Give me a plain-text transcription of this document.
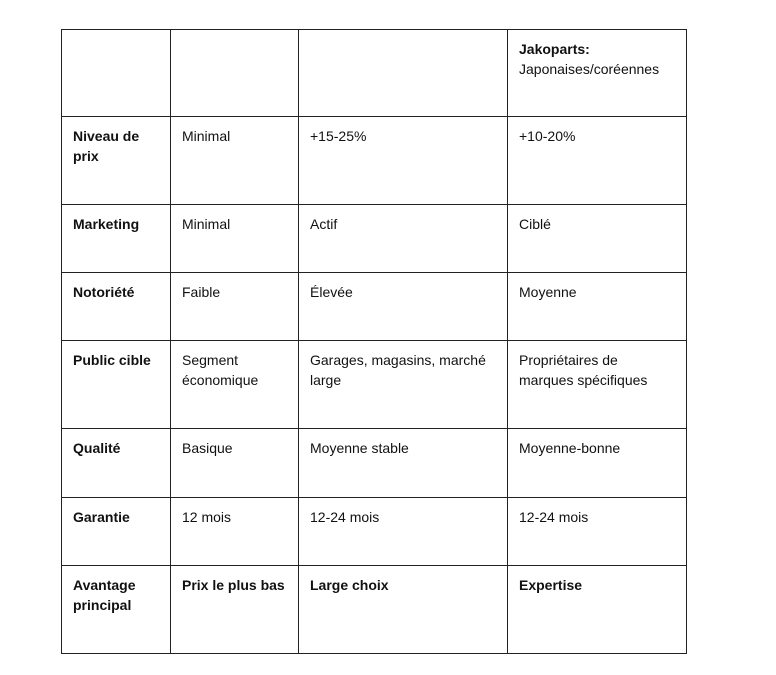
			Jakoparts:
Japonaises/coréennes

Niveau de prix	Minimal	+15-25%	+10-20%
Marketing	Minimal	Actif	Ciblé
Notoriété	Faible	Élevée	Moyenne
Public cible	Segment économique	Garages, magasins, marché large	Propriétaires de marques spécifiques
Qualité	Basique	Moyenne stable	Moyenne-bonne
Garantie	12 mois	12-24 mois	12-24 mois
Avantage principal	Prix le plus bas	Large choix	Expertise
